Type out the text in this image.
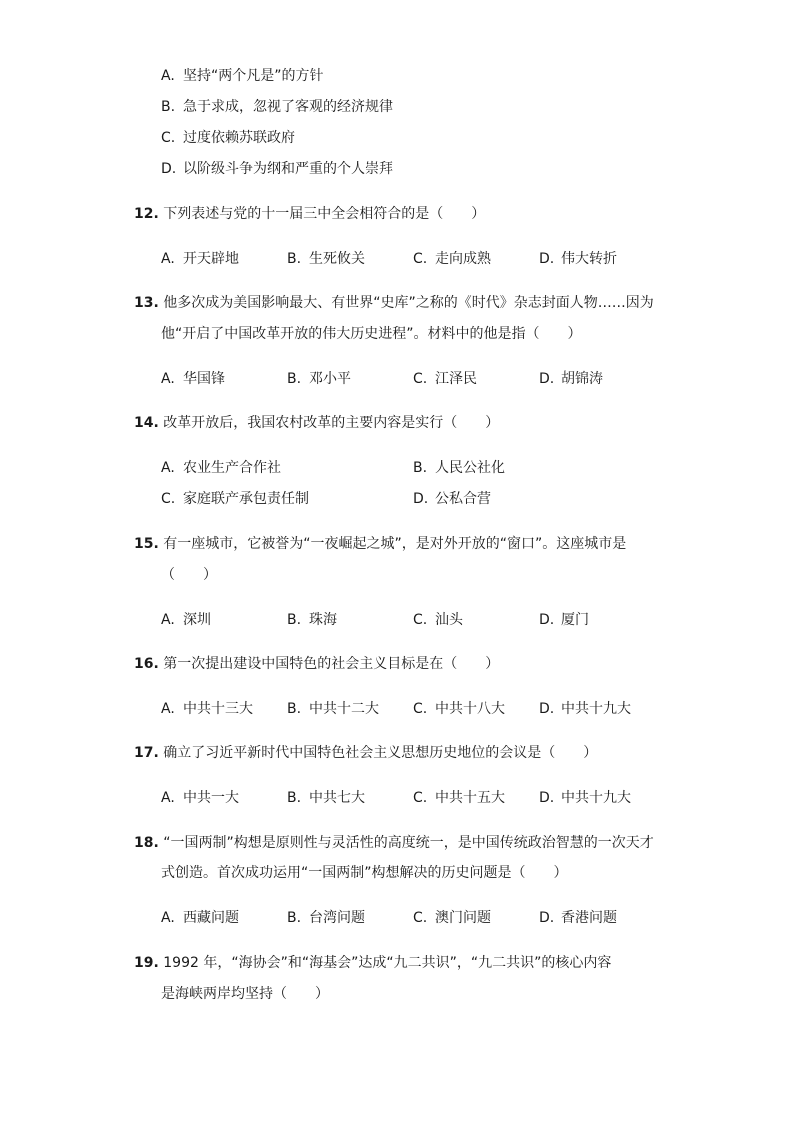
A. 坚持“两个凡是”的方针
B. 急于求成，忽视了客观的经济规律
C. 过度依赖苏联政府
D. 以阶级斗争为纲和严重的个人崇拜
12. 下列表述与党的十一届三中全会相符合的是（　　）
A. 开天辟地	B. 生死攸关	C. 走向成熟	D. 伟大转折
13. 他多次成为美国影响最大、有世界“史库”之称的《时代》杂志封面人物……因为
他“开启了中国改革开放的伟大历史进程”。材料中的他是指（　　）
A. 华国锋	B. 邓小平	C. 江泽民	D. 胡锦涛
14. 改革开放后，我国农村改革的主要内容是实行（　　）
A. 农业生产合作社	B. 人民公社化
C. 家庭联产承包责任制	D. 公私合营
15. 有一座城市，它被誉为“一夜崛起之城”，是对外开放的“窗口”。这座城市是
（　　）
A. 深圳	B. 珠海	C. 汕头	D. 厦门
16. 第一次提出建设中国特色的社会主义目标是在（　　）
A. 中共十三大 B. 中共十二大 C. 中共十八大 D. 中共十九大
17. 确立了习近平新时代中国特色社会主义思想历史地位的会议是（　　）
A. 中共一大	B. 中共七大	C. 中共十五大 D. 中共十九大
18. “一国两制”构想是原则性与灵活性的高度统一，是中国传统政治智慧的一次天才
式创造。首次成功运用“一国两制”构想解决的历史问题是（　　）
A. 西藏问题	B. 台湾问题	C. 澳门问题	D. 香港问题
19. 1992 年，“海协会”和“海基会”达成“九二共识”，“九二共识”的核心内容
是海峡两岸均坚持（　　）
